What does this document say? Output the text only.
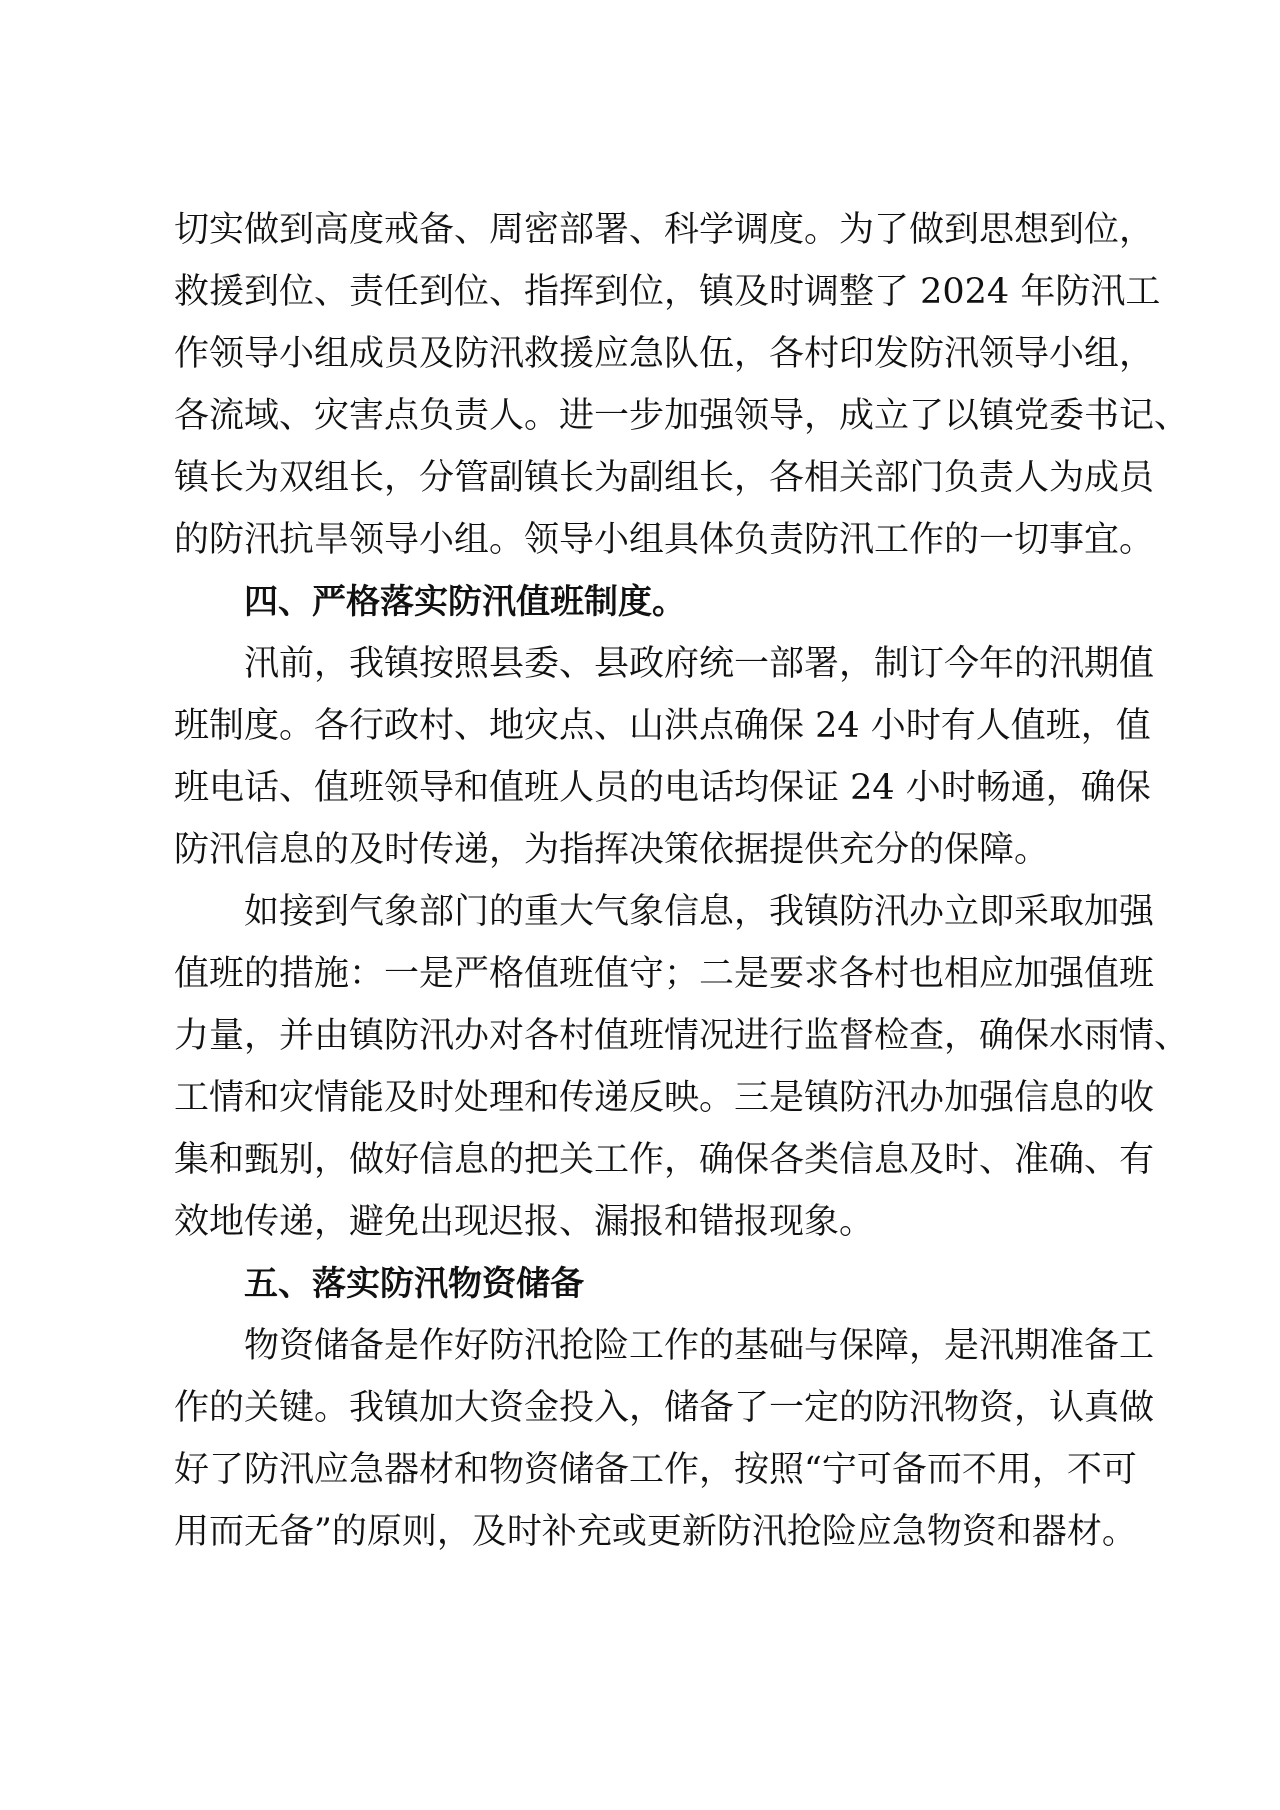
切实做到高度戒备、周密部署、科学调度。为了做到思想到位，
救援到位、责任到位、指挥到位，镇及时调整了 2024 年防汛工
作领导小组成员及防汛救援应急队伍，各村印发防汛领导小组，
各流域、灾害点负责人。进一步加强领导，成立了以镇党委书记、
镇长为双组长，分管副镇长为副组长，各相关部门负责人为成员
的防汛抗旱领导小组。领导小组具体负责防汛工作的一切事宜。
四、严格落实防汛值班制度。
汛前，我镇按照县委、县政府统一部署，制订今年的汛期值
班制度。各行政村、地灾点、山洪点确保 24 小时有人值班，值
班电话、值班领导和值班人员的电话均保证 24 小时畅通，确保
防汛信息的及时传递，为指挥决策依据提供充分的保障。
如接到气象部门的重大气象信息，我镇防汛办立即采取加强
值班的措施：一是严格值班值守；二是要求各村也相应加强值班
力量，并由镇防汛办对各村值班情况进行监督检查，确保水雨情、
工情和灾情能及时处理和传递反映。三是镇防汛办加强信息的收
集和甄别，做好信息的把关工作，确保各类信息及时、准确、有
效地传递，避免出现迟报、漏报和错报现象。
五、落实防汛物资储备
物资储备是作好防汛抢险工作的基础与保障，是汛期准备工
作的关键。我镇加大资金投入，储备了一定的防汛物资，认真做
好了防汛应急器材和物资储备工作，按照“宁可备而不用，不可
用而无备”的原则，及时补充或更新防汛抢险应急物资和器材。
